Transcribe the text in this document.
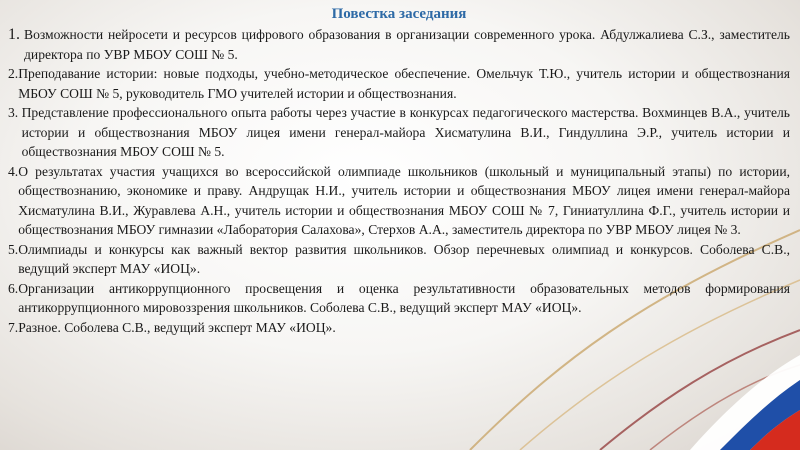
Повестка заседания
1. Возможности нейросети и ресурсов цифрового образования в организации современного урока. Абдулжалиева С.З., заместитель директора по УВР МБОУ СОШ № 5.
2. Преподавание истории: новые подходы, учебно-методическое обеспечение. Омельчук Т.Ю., учитель истории и обществознания МБОУ СОШ № 5, руководитель ГМО учителей истории и обществознания.
3. Представление профессионального опыта работы через участие в конкурсах педагогического мастерства. Вохминцев В.А., учитель истории и обществознания МБОУ лицея имени генерал-майора Хисматулина В.И., Гиндуллина Э.Р., учитель истории и обществознания МБОУ СОШ № 5.
4. О результатах участия учащихся во всероссийской олимпиаде школьников (школьный и муниципальный этапы) по истории, обществознанию, экономике и праву. Андрущак Н.И., учитель истории и обществознания МБОУ лицея имени генерал-майора Хисматулина В.И., Журавлева А.Н., учитель истории и обществознания МБОУ СОШ № 7, Гиниатуллина Ф.Г., учитель истории и обществознания МБОУ гимназии «Лаборатория Салахова», Стерхов А.А., заместитель директора по УВР МБОУ лицея № 3.
5. Олимпиады и конкурсы как важный вектор развития школьников. Обзор перечневых олимпиад и конкурсов. Соболева С.В., ведущий эксперт МАУ «ИОЦ».
6. Организации антикоррупционного просвещения и оценка результативности образовательных методов формирования антикоррупционного мировоззрения школьников. Соболева С.В., ведущий эксперт МАУ «ИОЦ».
7. Разное. Соболева С.В., ведущий эксперт МАУ «ИОЦ».
